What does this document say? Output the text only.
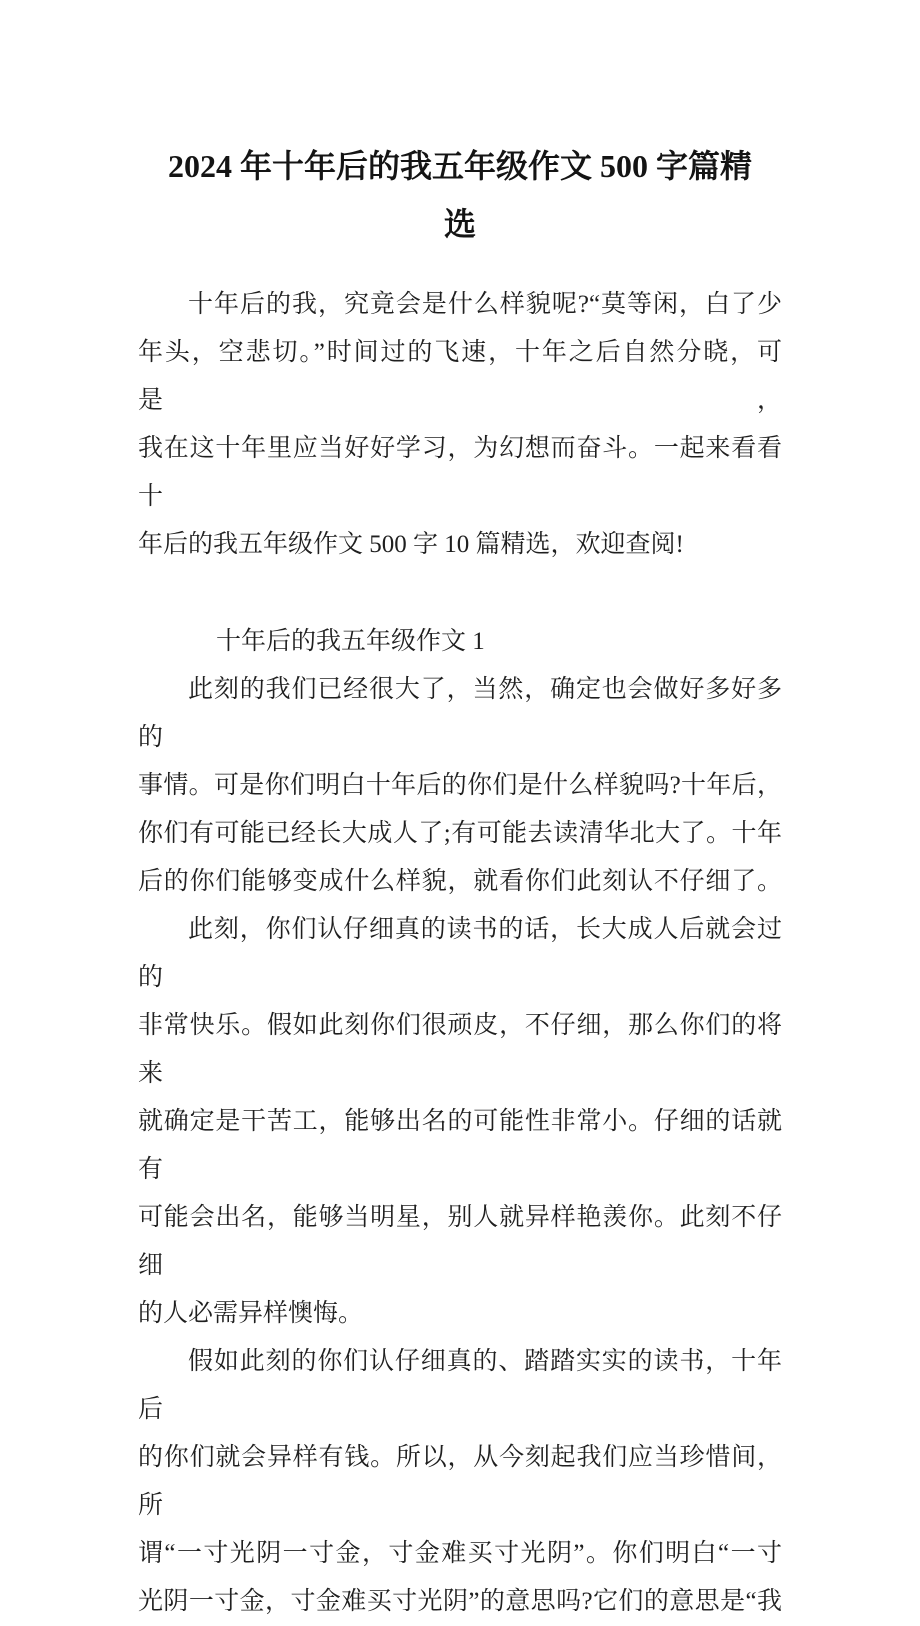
2024 年十年后的我五年级作文 500 字篇精
选
十年后的我，究竟会是什么样貌呢?“莫等闲，白了少
年头，空悲切。”时间过的飞速，十年之后自然分晓，可是，
我在这十年里应当好好学习，为幻想而奋斗。一起来看看十
年后的我五年级作文 500 字 10 篇精选，欢迎查阅!
十年后的我五年级作文 1
此刻的我们已经很大了，当然，确定也会做好多好多的
事情。可是你们明白十年后的你们是什么样貌吗?十年后，
你们有可能已经长大成人了;有可能去读清华北大了。十年
后的你们能够变成什么样貌，就看你们此刻认不仔细了。
此刻，你们认仔细真的读书的话，长大成人后就会过的
非常快乐。假如此刻你们很顽皮，不仔细，那么你们的将来
就确定是干苦工，能够出名的可能性非常小。仔细的话就有
可能会出名，能够当明星，别人就异样艳羡你。此刻不仔细
的人必需异样懊悔。
假如此刻的你们认仔细真的、踏踏实实的读书，十年后
的你们就会异样有钱。所以，从今刻起我们应当珍惜间，所
谓“一寸光阴一寸金，寸金难买寸光阴”。你们明白“一寸
光阴一寸金，寸金难买寸光阴”的意思吗?它们的意思是“我
